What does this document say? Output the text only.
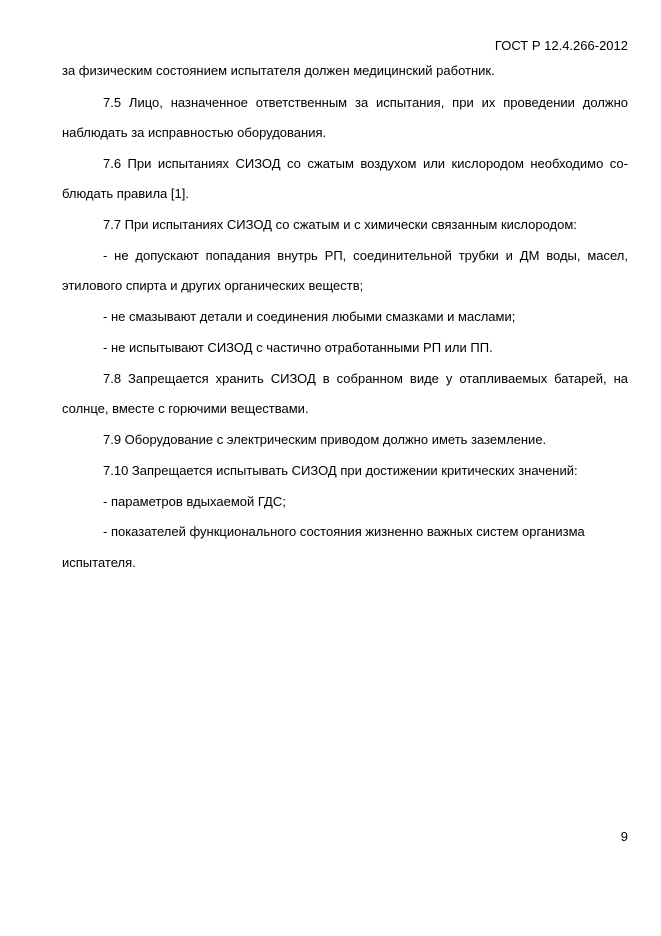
ГОСТ Р 12.4.266-2012
за физическим состоянием испытателя должен медицинский работник.
7.5 Лицо, назначенное ответственным за испытания, при их проведении должно
наблюдать за исправностью оборудования.
7.6 При испытаниях СИЗОД со сжатым воздухом или кислородом необходимо со-
блюдать правила [1].
7.7 При испытаниях СИЗОД со сжатым и с химически связанным кислородом:
- не допускают попадания внутрь РП, соединительной трубки и ДМ воды, масел,
этилового спирта и других органических веществ;
- не смазывают детали и соединения любыми смазками и маслами;
- не испытывают СИЗОД с частично отработанными РП или ПП.
7.8 Запрещается хранить СИЗОД в собранном виде у отапливаемых батарей, на
солнце, вместе с горючими веществами.
7.9 Оборудование с электрическим приводом должно иметь заземление.
7.10 Запрещается испытывать СИЗОД при достижении критических значений:
- параметров вдыхаемой ГДС;
- показателей функционального состояния жизненно важных систем организма
испытателя.
9
